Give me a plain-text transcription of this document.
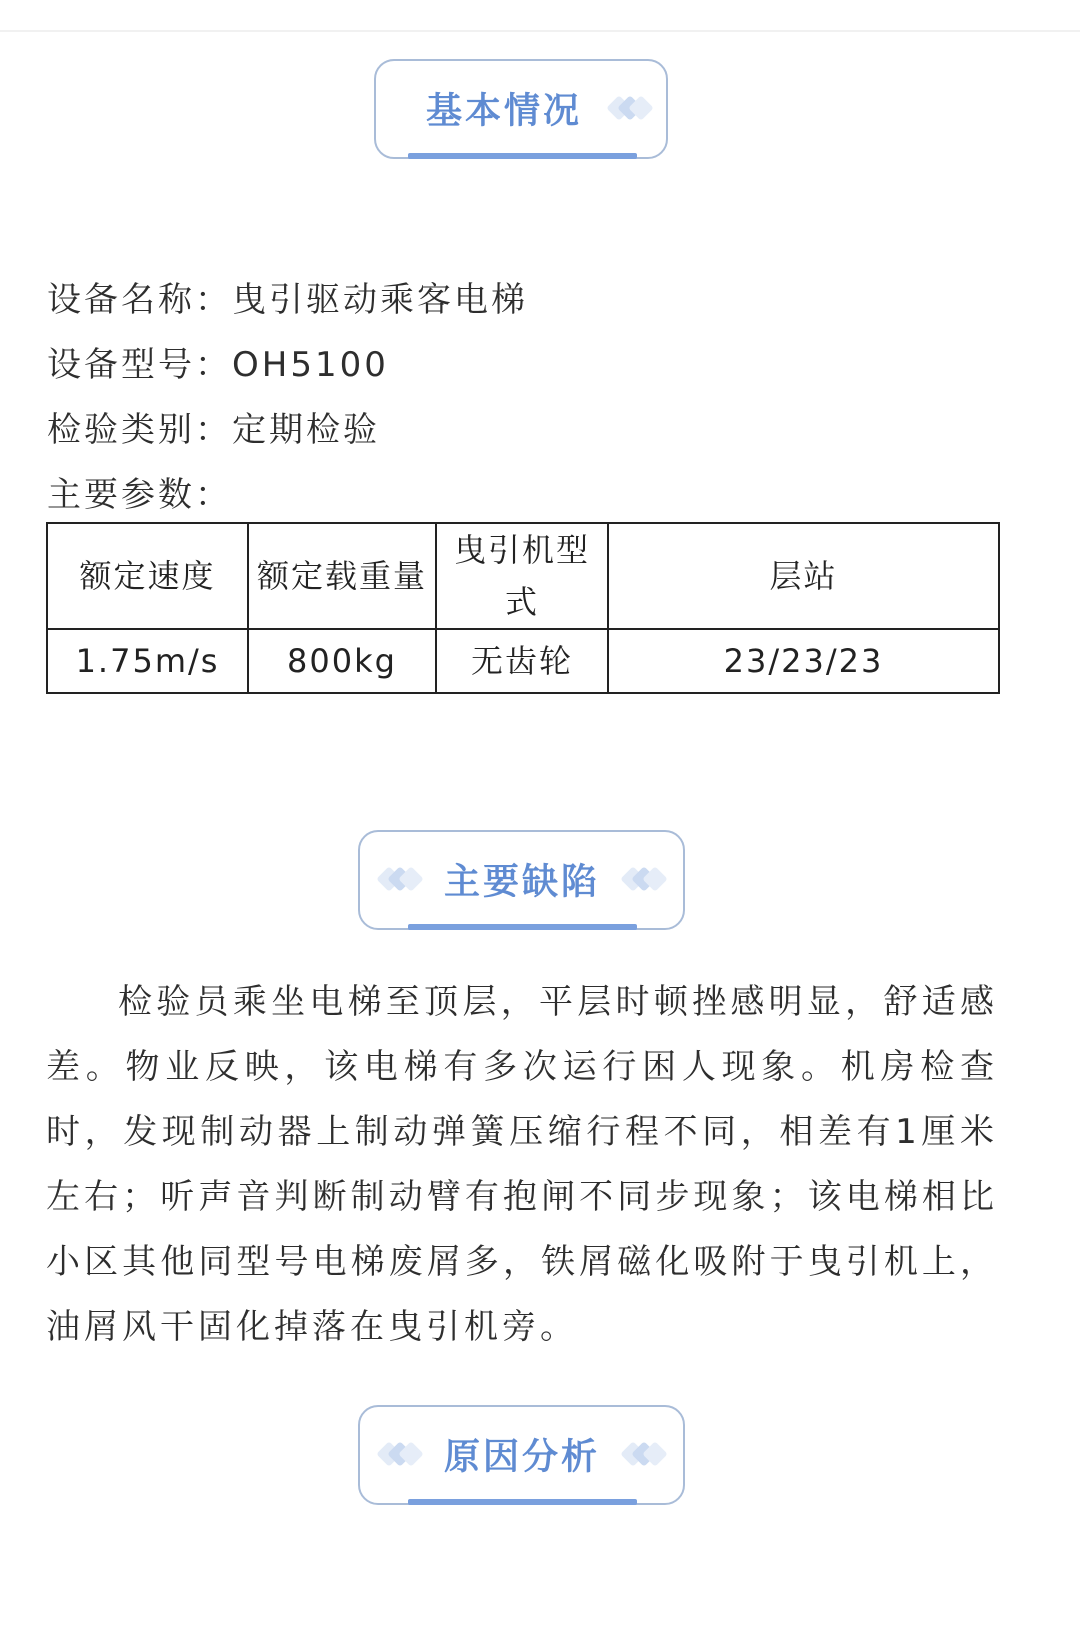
基本情况
设备名称：曳引驱动乘客电梯
设备型号：OH5100
检验类别：定期检验
主要参数：
额定速度	额定载重量	曳引机型式	层站
1.75m/s	800kg	无齿轮	23/23/23
主要缺陷
检验员乘坐电梯至顶层，平层时顿挫感明显，舒适感差。物业反映，该电梯有多次运行困人现象。机房检查时，发现制动器上制动弹簧压缩行程不同，相差有1厘米左右；听声音判断制动臂有抱闸不同步现象；该电梯相比小区其他同型号电梯废屑多，铁屑磁化吸附于曳引机上，油屑风干固化掉落在曳引机旁。
原因分析
